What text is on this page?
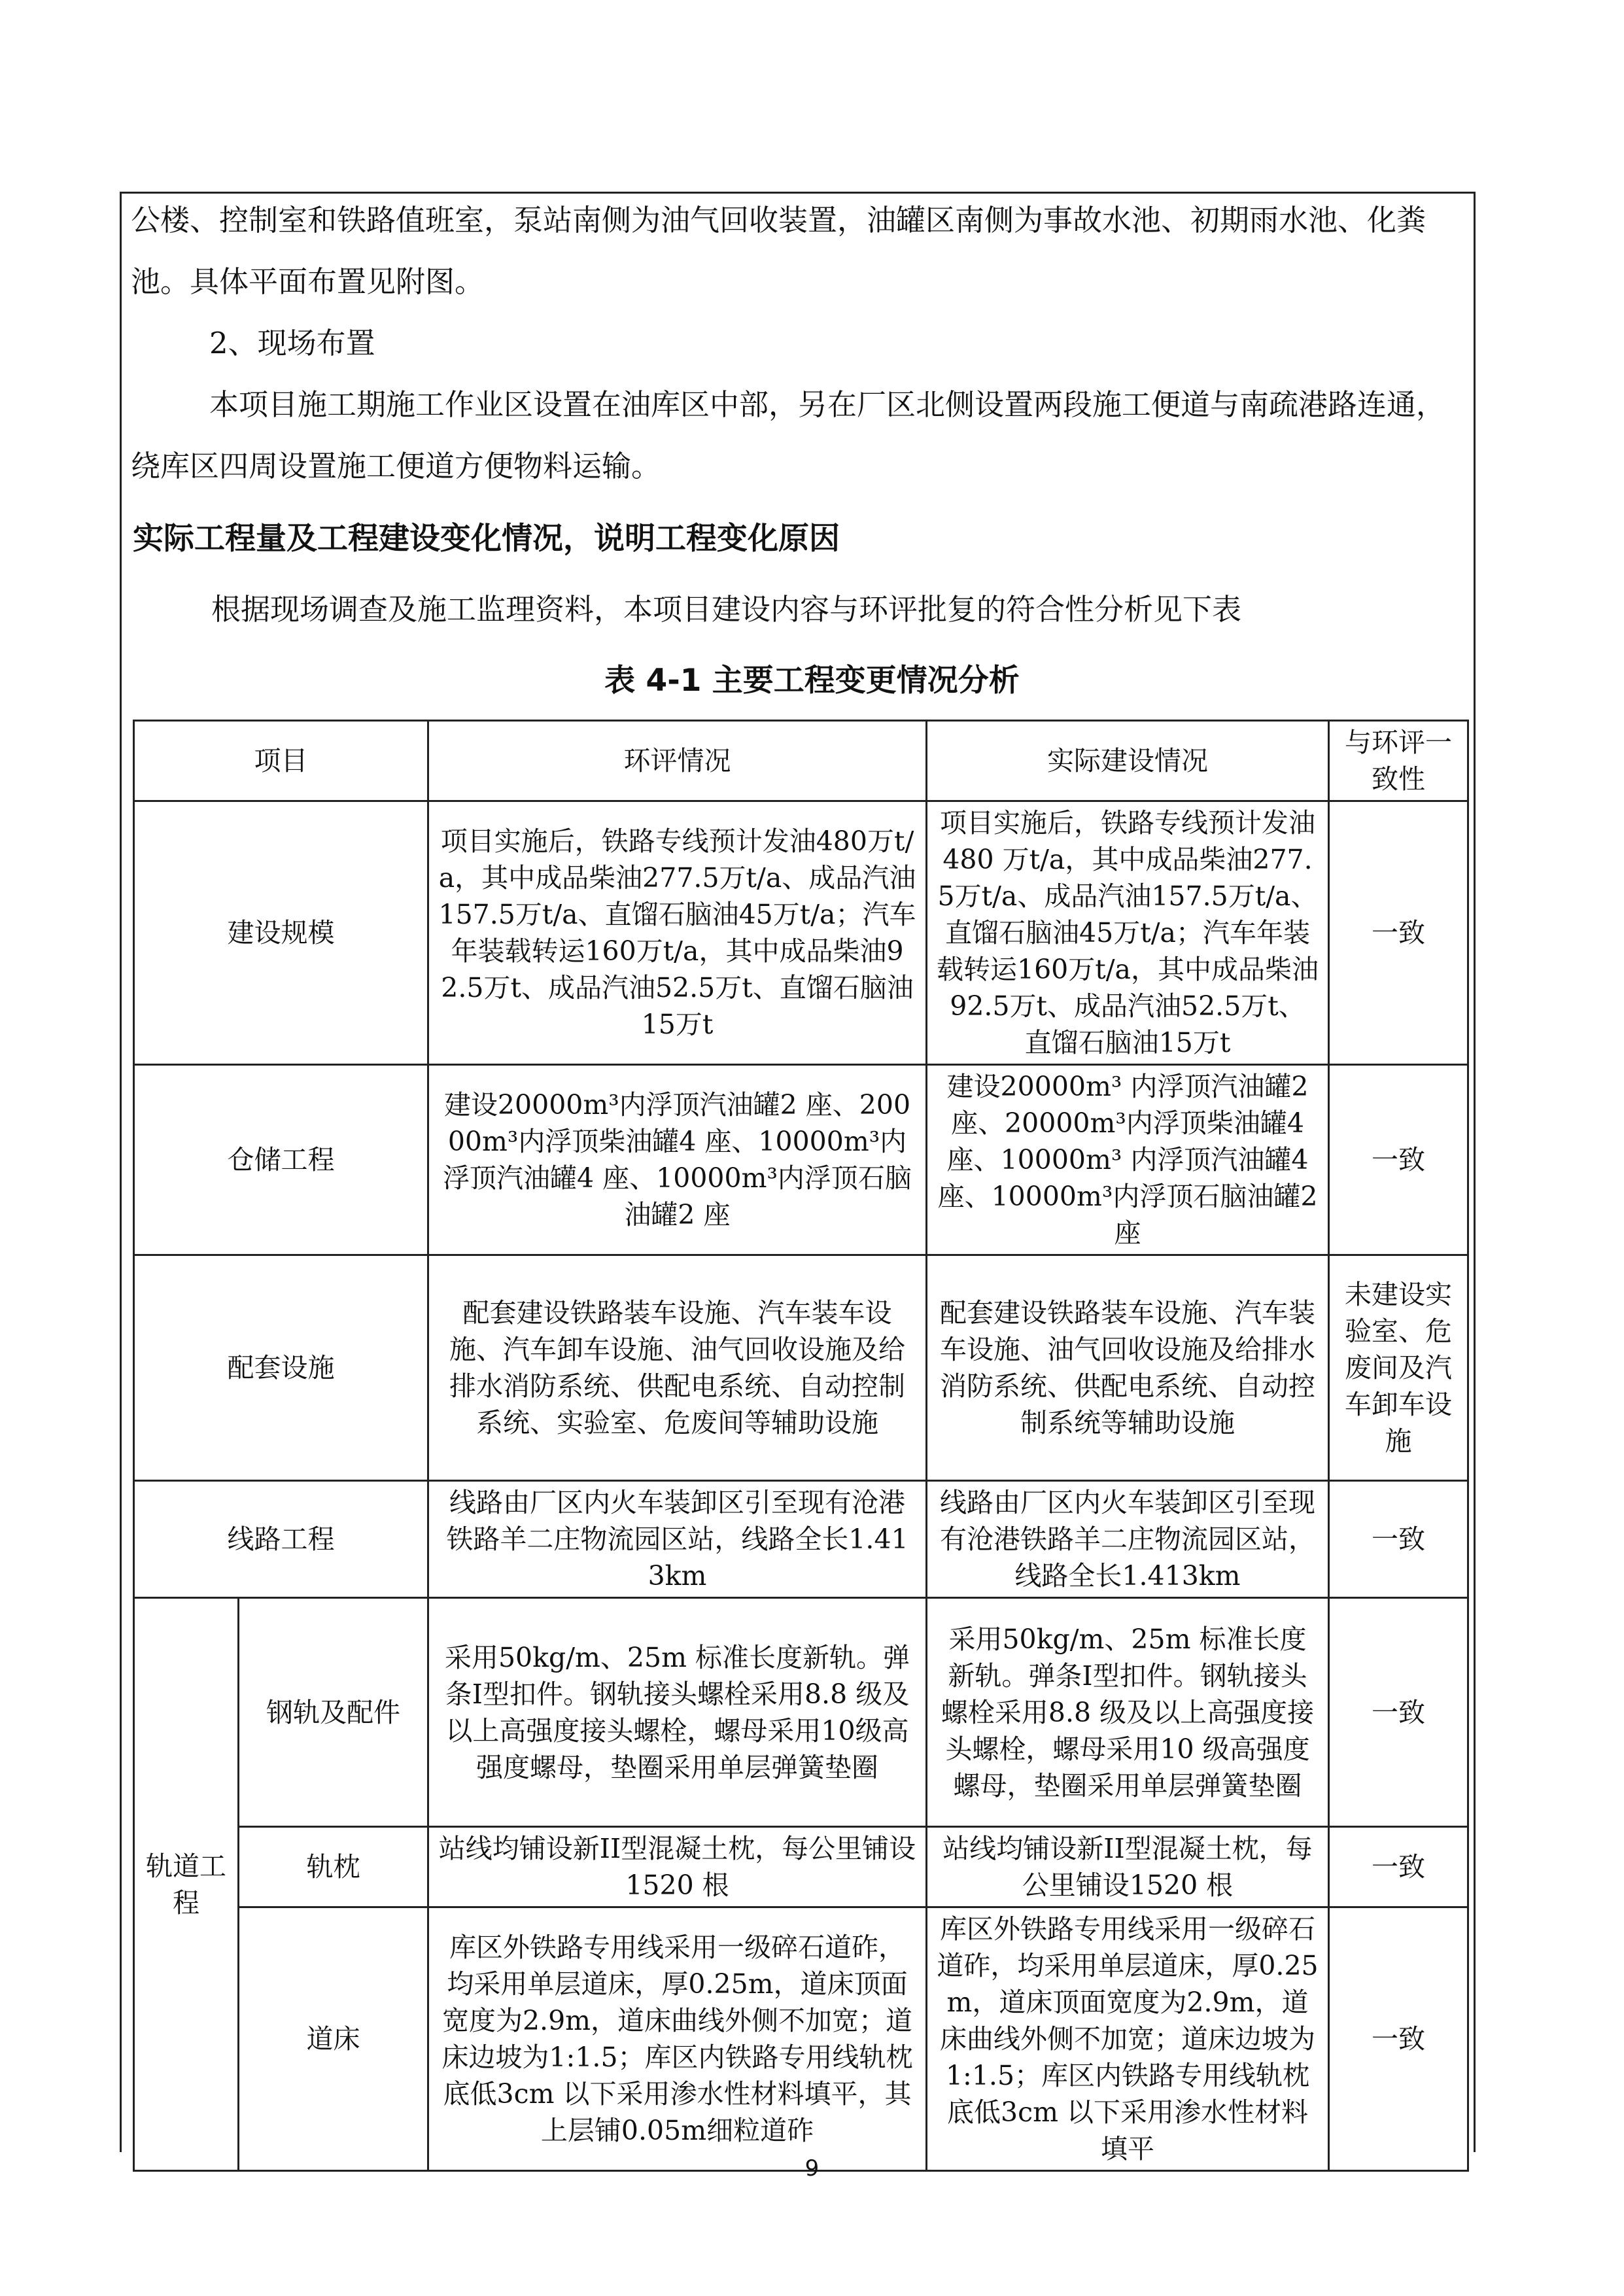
公楼、控制室和铁路值班室，泵站南侧为油气回收装置，油罐区南侧为事故水池、初期雨水池、化粪池。具体平面布置见附图。

2、现场布置

本项目施工期施工作业区设置在油库区中部，另在厂区北侧设置两段施工便道与南疏港路连通，绕库区四周设置施工便道方便物料运输。

实际工程量及工程建设变化情况，说明工程变化原因
根据现场调查及施工监理资料，本项目建设内容与环评批复的符合性分析见下表
表 4-1 主要工程变更情况分析
项目		环评情况	实际建设情况	与环评一致性
建设规模		项目实施后，铁路专线预计发油480万t/a，其中成品柴油277.5万t/a、成品汽油157.5万t/a、直馏石脑油45万t/a；汽车年装载转运160万t/a，其中成品柴油92.5万t、成品汽油52.5万t、直馏石脑油15万t	项目实施后，铁路专线预计发油480 万t/a，其中成品柴油277.5万t/a、成品汽油157.5万t/a、直馏石脑油45万t/a；汽车年装载转运160万t/a，其中成品柴油92.5万t、成品汽油52.5万t、直馏石脑油15万t	一致
仓储工程		建设20000m³内浮顶汽油罐2 座、20000m³内浮顶柴油罐4 座、10000m³内浮顶汽油罐4 座、10000m³内浮顶石脑油罐2 座	建设20000m³ 内浮顶汽油罐2座、20000m³内浮顶柴油罐4座、10000m³ 内浮顶汽油罐4座、10000m³内浮顶石脑油罐2座	一致
配套设施		配套建设铁路装车设施、汽车装车设施、汽车卸车设施、油气回收设施及给排水消防系统、供配电系统、自动控制系统、实验室、危废间等辅助设施	配套建设铁路装车设施、汽车装车设施、油气回收设施及给排水消防系统、供配电系统、自动控制系统等辅助设施	未建设实验室、危废间及汽车卸车设施
线路工程		线路由厂区内火车装卸区引至现有沧港铁路羊二庄物流园区站，线路全长1.413km	线路由厂区内火车装卸区引至现有沧港铁路羊二庄物流园区站，线路全长1.413km	一致
轨道工程	钢轨及配件	采用50kg/m、25m 标准长度新轨。弹条I型扣件。钢轨接头螺栓采用8.8 级及以上高强度接头螺栓，螺母采用10级高强度螺母，垫圈采用单层弹簧垫圈	采用50kg/m、25m 标准长度新轨。弹条I型扣件。钢轨接头螺栓采用8.8 级及以上高强度接头螺栓，螺母采用10 级高强度螺母，垫圈采用单层弹簧垫圈	一致
	轨枕	站线均铺设新II型混凝土枕，每公里铺设1520 根	站线均铺设新II型混凝土枕，每公里铺设1520 根	一致
	道床	库区外铁路专用线采用一级碎石道砟，均采用单层道床，厚0.25m，道床顶面宽度为2.9m，道床曲线外侧不加宽；道床边坡为1:1.5；库区内铁路专用线轨枕底低3cm 以下采用渗水性材料填平，其上层铺0.05m细粒道砟	库区外铁路专用线采用一级碎石道砟，均采用单层道床，厚0.25m，道床顶面宽度为2.9m，道床曲线外侧不加宽；道床边坡为1:1.5；库区内铁路专用线轨枕底低3cm 以下采用渗水性材料填平	一致
9
